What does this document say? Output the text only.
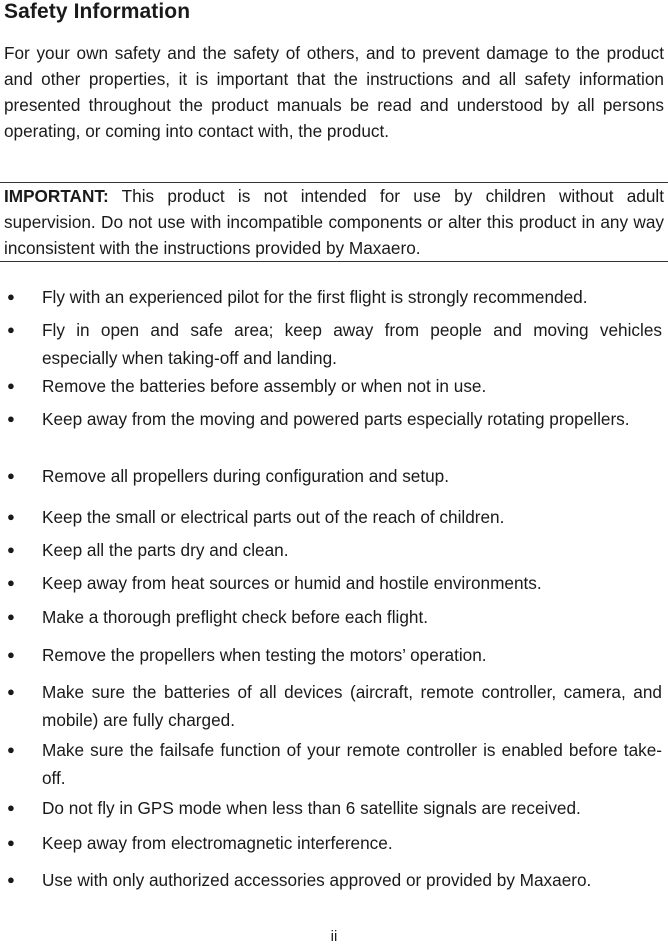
Safety Information

For your own safety and the safety of others, and to prevent damage to the product and other properties, it is important that the instructions and all safety information presented throughout the product manuals be read and understood by all persons operating, or coming into contact with, the product.

IMPORTANT: This product is not intended for use by children without adult supervision. Do not use with incompatible components or alter this product in any way inconsistent with the instructions provided by Maxaero.

● Fly with an experienced pilot for the first flight is strongly recommended.

● Fly in open and safe area; keep away from people and moving vehicles especially when taking-off and landing.

● Remove the batteries before assembly or when not in use.

● Keep away from the moving and powered parts especially rotating propellers.

● Remove all propellers during configuration and setup.

● Keep the small or electrical parts out of the reach of children.

● Keep all the parts dry and clean.

● Keep away from heat sources or humid and hostile environments.

● Make a thorough preflight check before each flight.

● Remove the propellers when testing the motors’ operation.

● Make sure the batteries of all devices (aircraft, remote controller, camera, and mobile) are fully charged.

● Make sure the failsafe function of your remote controller is enabled before take-off.

● Do not fly in GPS mode when less than 6 satellite signals are received.

● Keep away from electromagnetic interference.

● Use with only authorized accessories approved or provided by Maxaero.

ii
